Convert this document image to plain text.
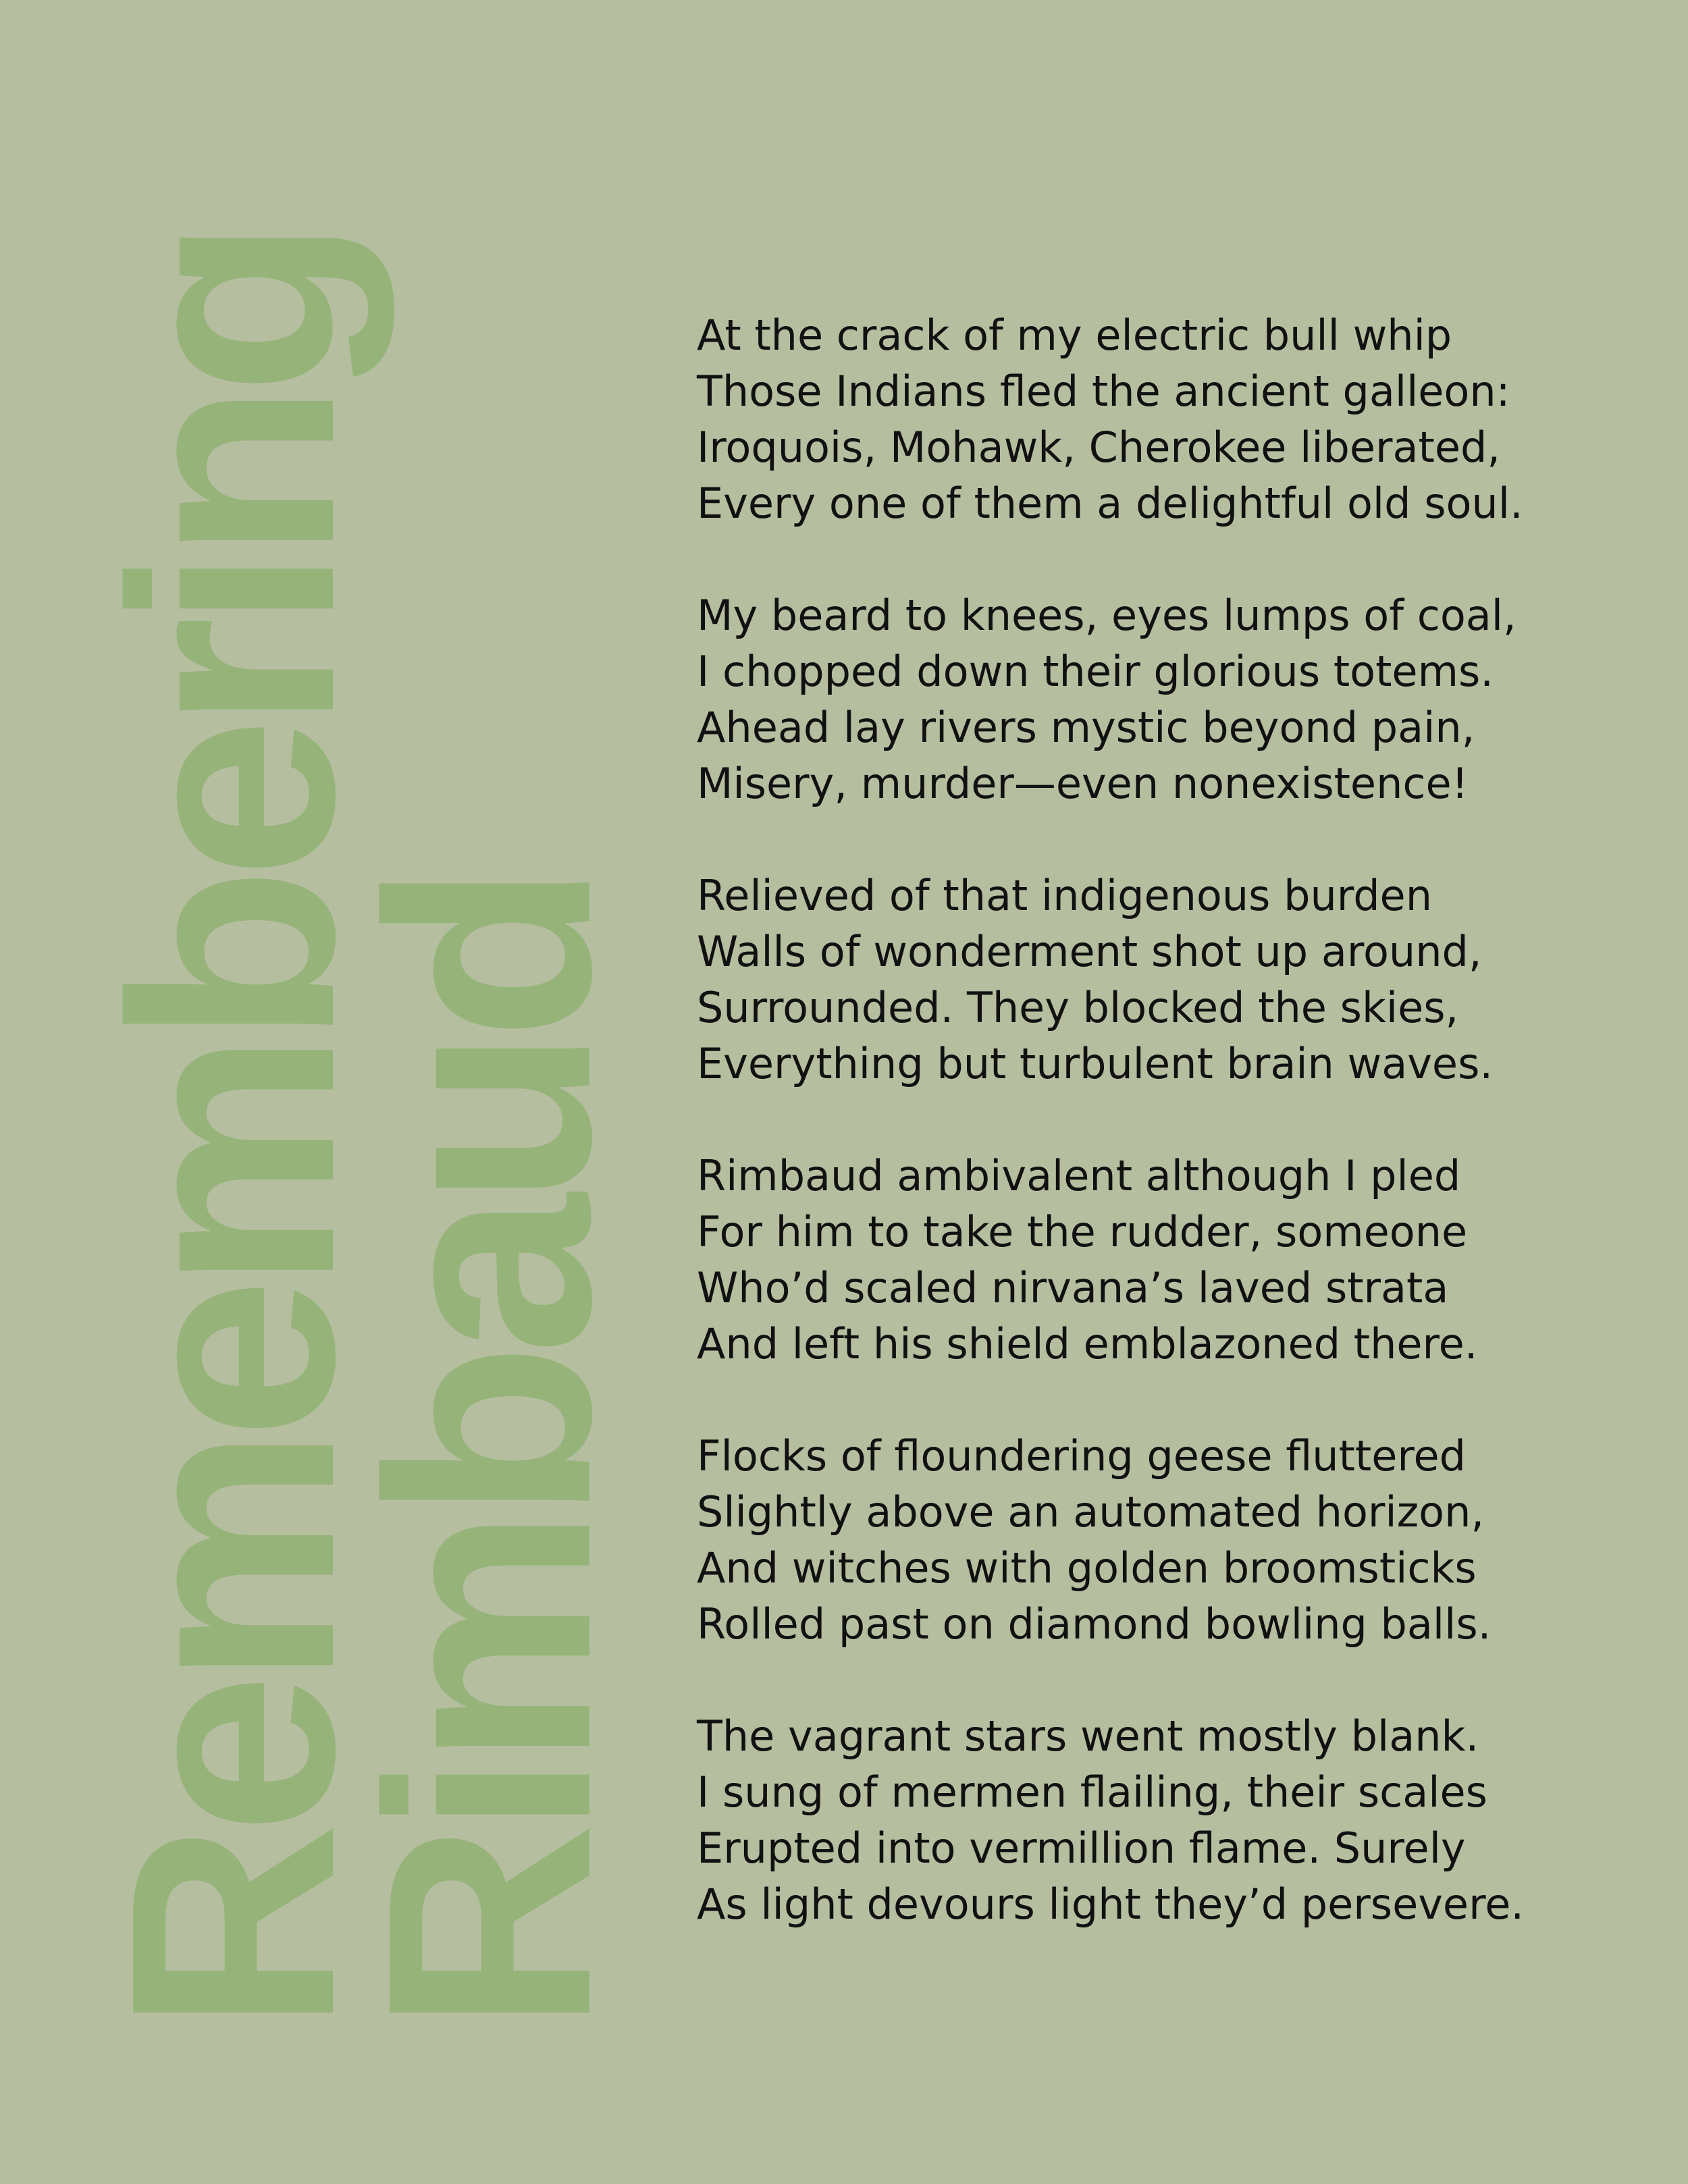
Remembering
Rimbaud
At the crack of my electric bull whip
Those Indians fled the ancient galleon:
Iroquois, Mohawk, Cherokee liberated,
Every one of them a delightful old soul.
My beard to knees, eyes lumps of coal,
I chopped down their glorious totems.
Ahead lay rivers mystic beyond pain,
Misery, murder—even nonexistence!
Relieved of that indigenous burden
Walls of wonderment shot up around,
Surrounded. They blocked the skies,
Everything but turbulent brain waves.
Rimbaud ambivalent although I pled
For him to take the rudder, someone
Who’d scaled nirvana’s laved strata
And left his shield emblazoned there.
Flocks of floundering geese fluttered
Slightly above an automated horizon,
And witches with golden broomsticks
Rolled past on diamond bowling balls.
The vagrant stars went mostly blank.
I sung of mermen flailing, their scales
Erupted into vermillion flame. Surely
As light devours light they’d persevere.
